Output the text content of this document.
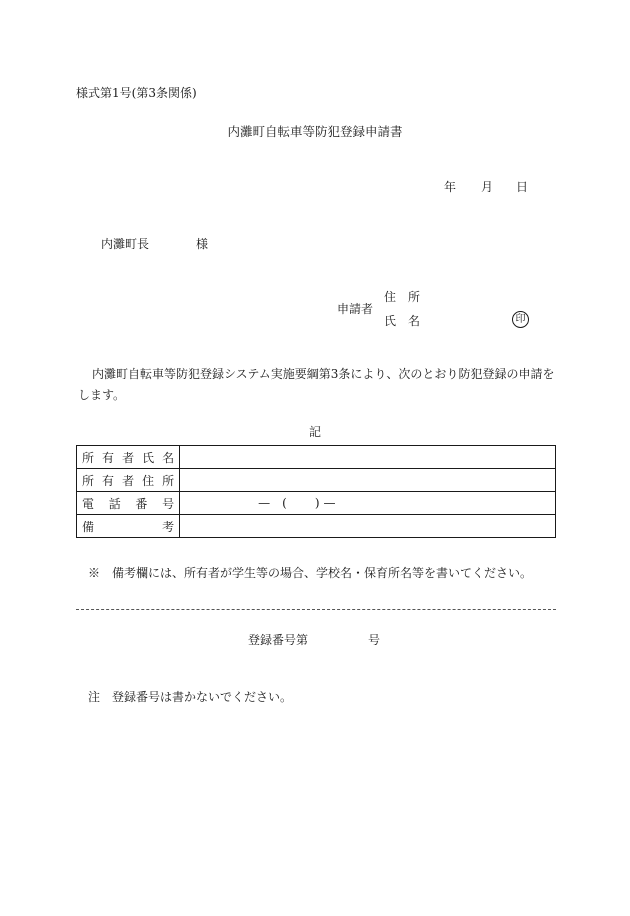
様式第1号(第3条関係)
内灘町自転車等防犯登録申請書
年 月 日
内灘町長	様
申請者
住所
氏名	印
内灘町自転車等防犯登録システム実施要綱第3条により、次のとおり防犯登録の申請をします。
記
所有者氏名	
所有者住所	
電話番号	— ( ) —
備考	
※　備考欄には、所有者が学生等の場合、学校名・保育所名等を書いてください。
登録番号第	号
注　登録番号は書かないでください。
